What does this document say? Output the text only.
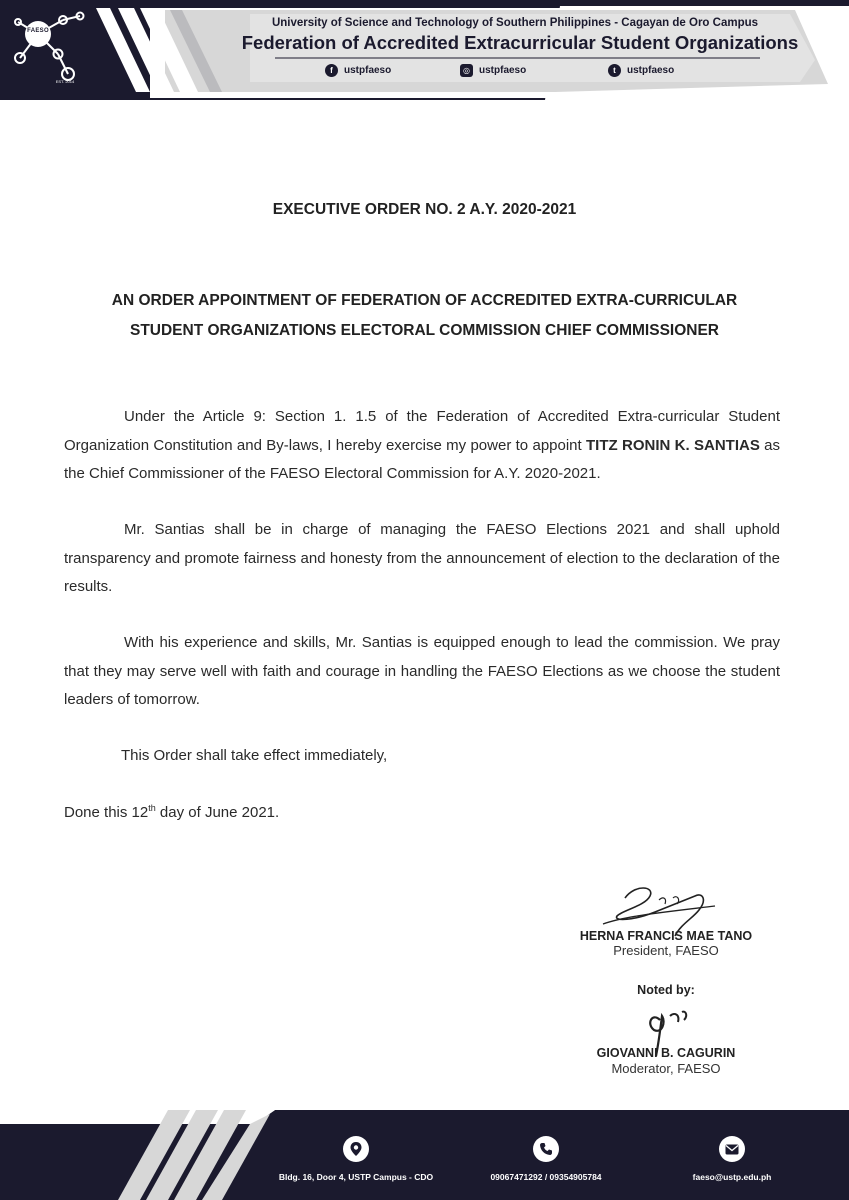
FAESO
EST. 2014
University of Science and Technology of Southern Philippines - Cagayan de Oro Campus
Federation of Accredited Extracurricular Student Organizations
f	ustpfaeso	◎ ustpfaeso	t	ustpfaeso
EXECUTIVE ORDER NO. 2 A.Y. 2020-2021
AN ORDER APPOINTMENT OF FEDERATION OF ACCREDITED EXTRA-CURRICULAR
STUDENT ORGANIZATIONS ELECTORAL COMMISSION CHIEF COMMISSIONER

Under the Article 9: Section 1. 1.5 of the Federation of Accredited Extra-curricular Student Organization Constitution and By-laws, I hereby exercise my power to appoint TITZ RONIN K. SANTIAS as the Chief Commissioner of the FAESO Electoral Commission for A.Y. 2020-2021.

Mr. Santias shall be in charge of managing the FAESO Elections 2021 and shall uphold transparency and promote fairness and honesty from the announcement of election to the declaration of the results.

With his experience and skills, Mr. Santias is equipped enough to lead the commission. We pray that they may serve well with faith and courage in handling the FAESO Elections as we choose the student leaders of tomorrow.

This Order shall take effect immediately,
Done this 12th day of June 2021.
HERNA FRANCIS MAE TANO
President, FAESO
Noted by:
GIOVANNI B. CAGURIN
Moderator, FAESO
Bldg. 16, Door 4, USTP Campus - CDO	09067471292 / 09354905784	faeso@ustp.edu.ph
